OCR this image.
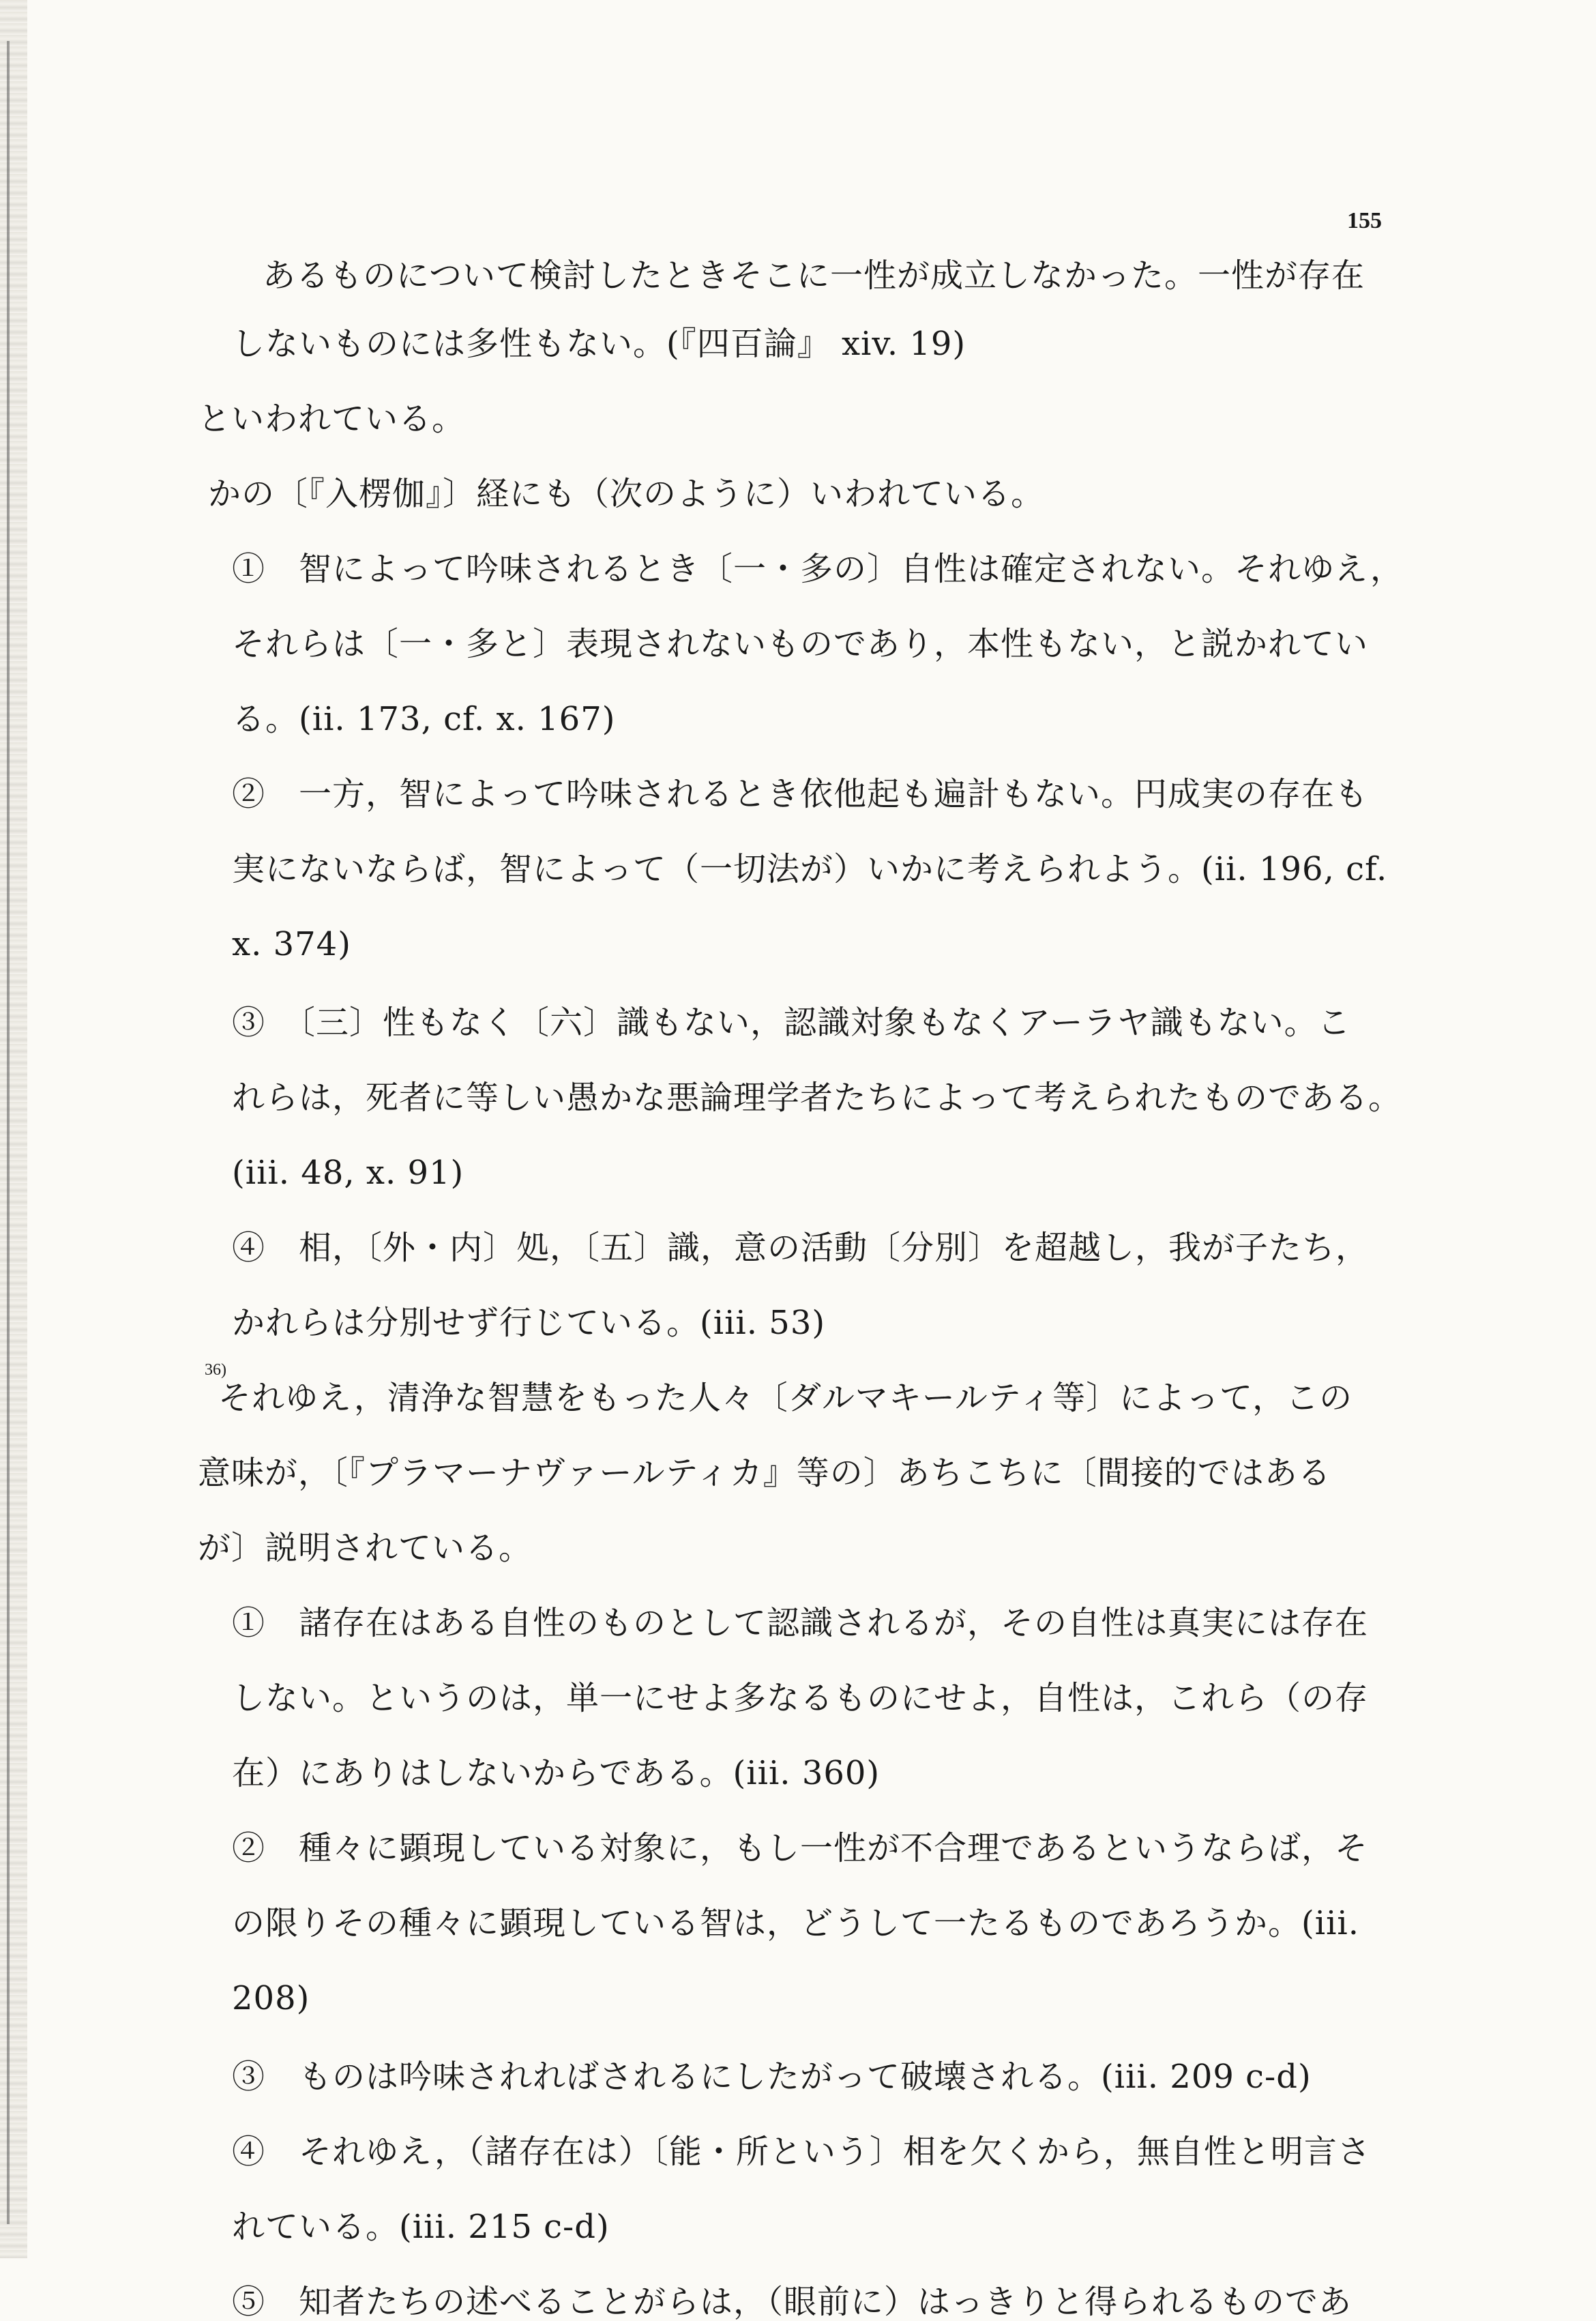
155
あるものについて検討したときそこに一性が成立しなかった。一性が存在
しないものには多性もない。(『四百論』 xiv. 19)
といわれている。
かの〔『入楞伽』〕経にも（次のように）いわれている。
①　智によって吟味されるとき〔一・多の〕自性は確定されない。それゆえ，
それらは〔一・多と〕表現されないものであり，本性もない，と説かれてい
る。(ii. 173, cf. x. 167)
②　一方，智によって吟味されるとき依他起も遍計もない。円成実の存在も
実にないならば，智によって（一切法が）いかに考えられよう。(ii. 196, cf.
x. 374)
③　〔三〕性もなく〔六〕識もない，認識対象もなくアーラヤ識もない。こ
れらは，死者に等しい愚かな悪論理学者たちによって考えられたものである。
(iii. 48, x. 91)
④　相，〔外・内〕処，〔五〕識，意の活動〔分別〕を超越し，我が子たち，
かれらは分別せず行じている。(iii. 53)
それゆえ，清浄な智慧をもった人々〔ダルマキールティ等〕によって，この
意味が，〔『プラマーナヴァールティカ』等の〕あちこちに〔間接的ではある
が〕説明されている。
①　諸存在はある自性のものとして認識されるが，その自性は真実には存在
しない。というのは，単一にせよ多なるものにせよ，自性は，これら（の存
在）にありはしないからである。(iii. 360)
②　種々に顕現している対象に，もし一性が不合理であるというならば，そ
の限りその種々に顕現している智は，どうして一たるものであろうか。(iii.
208)
③　ものは吟味されればされるにしたがって破壊される。(iii. 209 c-d)
④　それゆえ，（諸存在は）〔能・所という〕相を欠くから，無自性と明言さ
れている。(iii. 215 c-d)
⑤　知者たちの述べることがらは，（眼前に）はっきりと得られるものであ
36)
